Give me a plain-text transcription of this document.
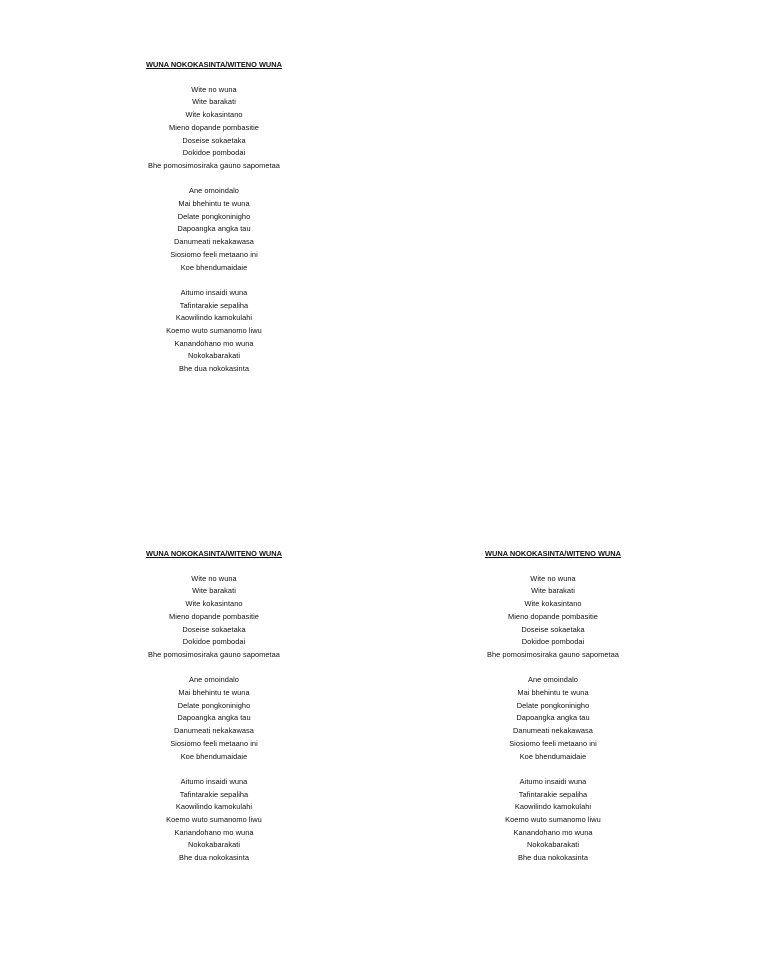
WUNA NOKOKASINTA/WITENO WUNA
Wite no wuna
Wite barakati
Wite kokasintano
Mieno dopande pombasitie
Doseise sokaetaka
Dokidoe pombodai
Bhe pomosimosiraka gauno sapometaa
Ane omoindalo
Mai bhehintu te wuna
Delate pongkoninigho
Dapoangka angka tau
Danumeati nekakawasa
Siosiomo feeli metaano ini
Koe bhendumaidaie
Aitumo insaidi wuna
Tafintarakie sepaliha
Kaowilindo kamokulahi
Koemo wuto sumanomo liwu
Kanandohano mo wuna
Nokokabarakati
Bhe dua nokokasinta
WUNA NOKOKASINTA/WITENO WUNA
Wite no wuna
Wite barakati
Wite kokasintano
Mieno dopande pombasitie
Doseise sokaetaka
Dokidoe pombodai
Bhe pomosimosiraka gauno sapometaa
Ane omoindalo
Mai bhehintu te wuna
Delate pongkoninigho
Dapoangka angka tau
Danumeati nekakawasa
Siosiomo feeli metaano ini
Koe bhendumaidaie
Aitumo insaidi wuna
Tafintarakie sepaliha
Kaowilindo kamokulahi
Koemo wuto sumanomo liwu
Kanandohano mo wuna
Nokokabarakati
Bhe dua nokokasinta
WUNA NOKOKASINTA/WITENO WUNA
Wite no wuna
Wite barakati
Wite kokasintano
Mieno dopande pombasitie
Doseise sokaetaka
Dokidoe pombodai
Bhe pomosimosiraka gauno sapometaa
Ane omoindalo
Mai bhehintu te wuna
Delate pongkoninigho
Dapoangka angka tau
Danumeati nekakawasa
Siosiomo feeli metaano ini
Koe bhendumaidaie
Aitumo insaidi wuna
Tafintarakie sepaliha
Kaowilindo kamokulahi
Koemo wuto sumanomo liwu
Kanandohano mo wuna
Nokokabarakati
Bhe dua nokokasinta
